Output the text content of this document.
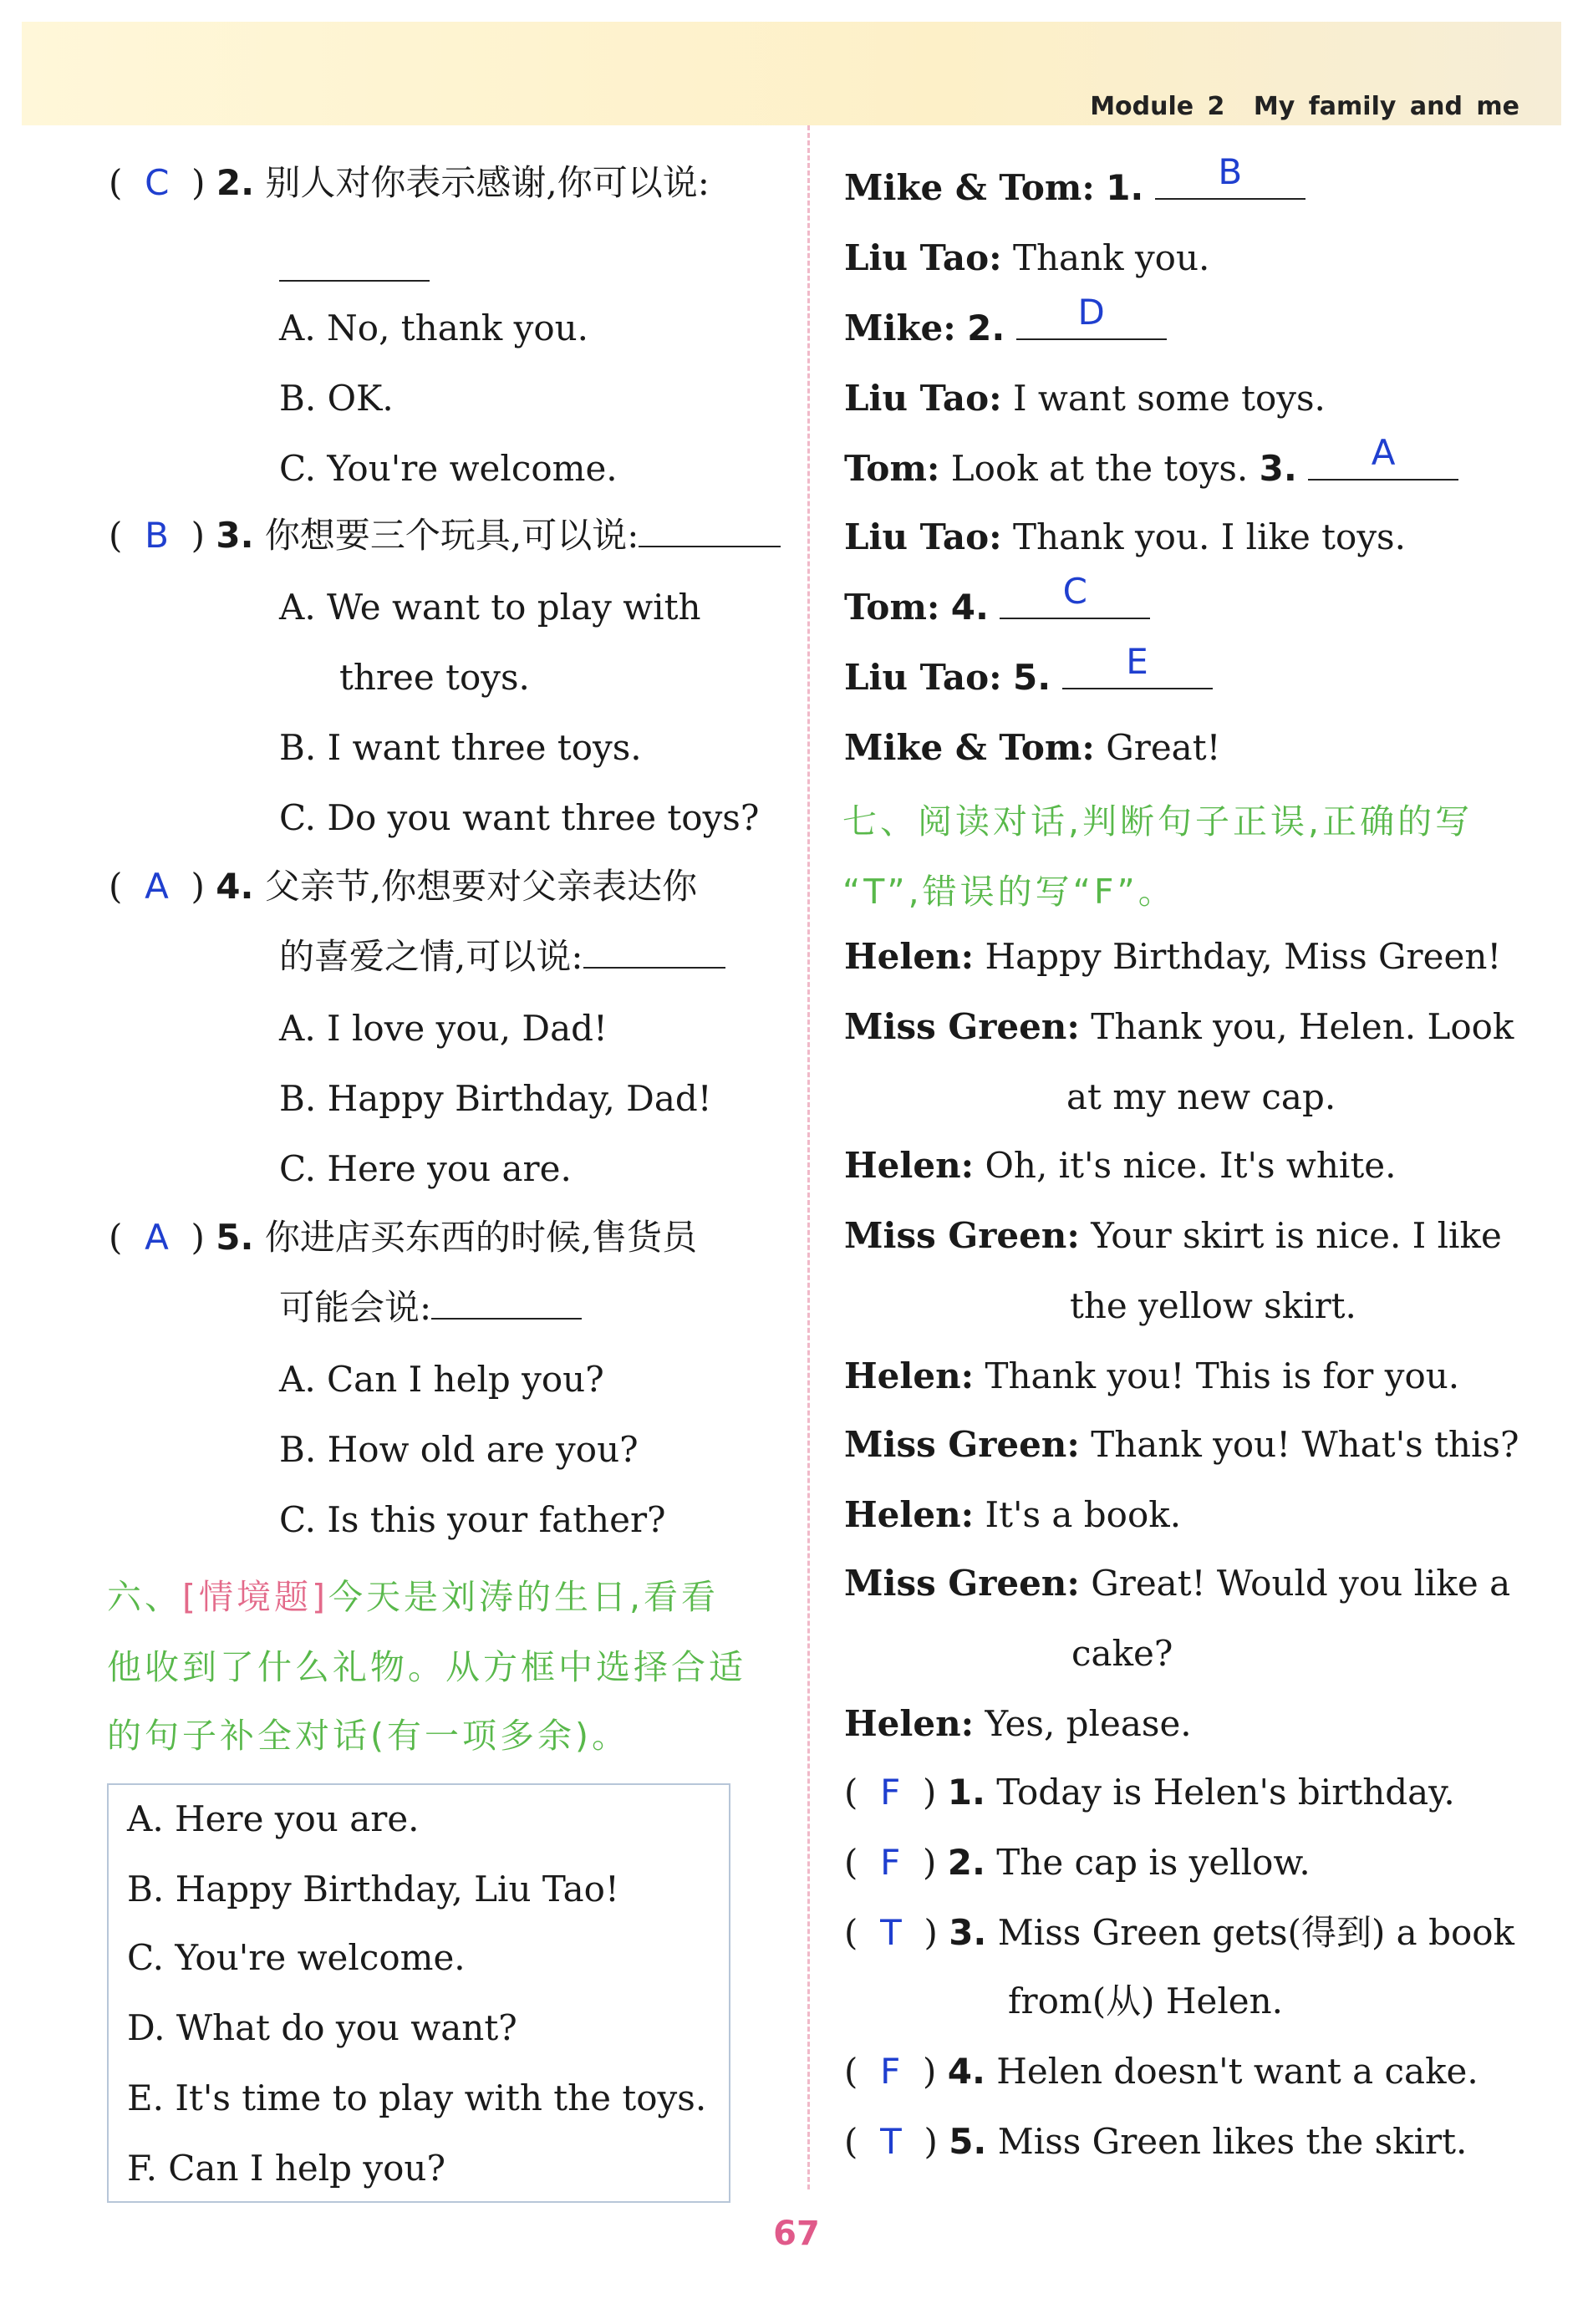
Module 2 My family and me
(  C  ) 2. 别人对你表示感谢,你可以说:
A. No, thank you.
B. OK.
C. You're welcome.
(  B  ) 3. 你想要三个玩具,可以说:
A. We want to play with
three toys.
B. I want three toys.
C. Do you want three toys?
(  A  ) 4. 父亲节,你想要对父亲表达你
的喜爱之情,可以说:
A. I love you, Dad!
B. Happy Birthday, Dad!
C. Here you are.
(  A  ) 5. 你进店买东西的时候,售货员
可能会说:
A. Can I help you?
B. How old are you?
C. Is this your father?
六、[情境题]今天是刘涛的生日,看看
他收到了什么礼物。从方框中选择合适
的句子补全对话(有一项多余)。
A. Here you are.
B. Happy Birthday, Liu Tao!
C. You're welcome.
D. What do you want?
E. It's time to play with the toys.
F. Can I help you?
Mike & Tom: 1.	B
Liu Tao: Thank you.
Mike: 2.	D
Liu Tao: I want some toys.
Tom: Look at the toys. 3.	A
Liu Tao: Thank you. I like toys.
Tom: 4.	C
Liu Tao: 5.	E
Mike & Tom: Great!
七、阅读对话,判断句子正误,正确的写
“T”,错误的写“F”。
Helen: Happy Birthday, Miss Green!
Miss Green: Thank you, Helen. Look
at my new cap.
Helen: Oh, it's nice. It's white.
Miss Green: Your skirt is nice. I like
the yellow skirt.
Helen: Thank you! This is for you.
Miss Green: Thank you! What's this?
Helen: It's a book.
Miss Green: Great! Would you like a
cake?
Helen: Yes, please.
(  F  ) 1. Today is Helen's birthday.
(  F  ) 2. The cap is yellow.
(  T  ) 3. Miss Green gets(得到) a book
from(从) Helen.
(  F  ) 4. Helen doesn't want a cake.
(  T  ) 5. Miss Green likes the skirt.
67
